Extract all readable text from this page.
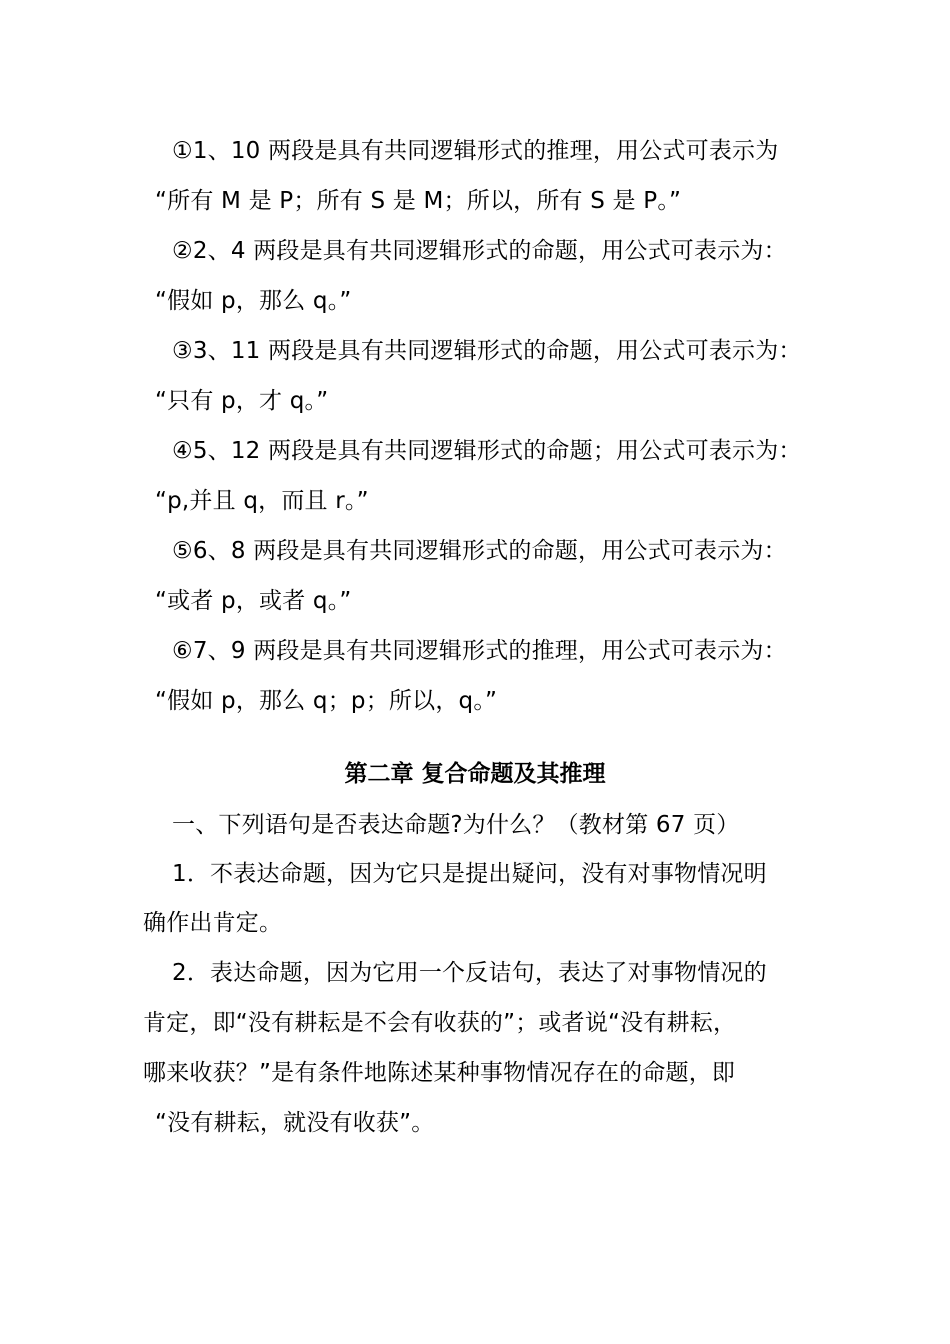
①1、10 两段是具有共同逻辑形式的推理，用公式可表示为
“所有 M 是 P；所有 S 是 M；所以，所有 S 是 P。”
②2、4 两段是具有共同逻辑形式的命题，用公式可表示为：
“假如 p，那么 q。”
③3、11 两段是具有共同逻辑形式的命题，用公式可表示为：
“只有 p，才 q。”
④5、12 两段是具有共同逻辑形式的命题；用公式可表示为：
“p,并且 q，而且 r。”
⑤6、8 两段是具有共同逻辑形式的命题，用公式可表示为：
“或者 p，或者 q。”
⑥7、9 两段是具有共同逻辑形式的推理，用公式可表示为：
“假如 p，那么 q；p；所以，q。”
第二章 复合命题及其推理
一、下列语句是否表达命题?为什么？（教材第 67 页）
1．不表达命题，因为它只是提出疑问，没有对事物情况明
确作出肯定。
2．表达命题，因为它用一个反诘句，表达了对事物情况的
肯定，即“没有耕耘是不会有收获的”；或者说“没有耕耘，
哪来收获？”是有条件地陈述某种事物情况存在的命题，即
“没有耕耘，就没有收获”。
